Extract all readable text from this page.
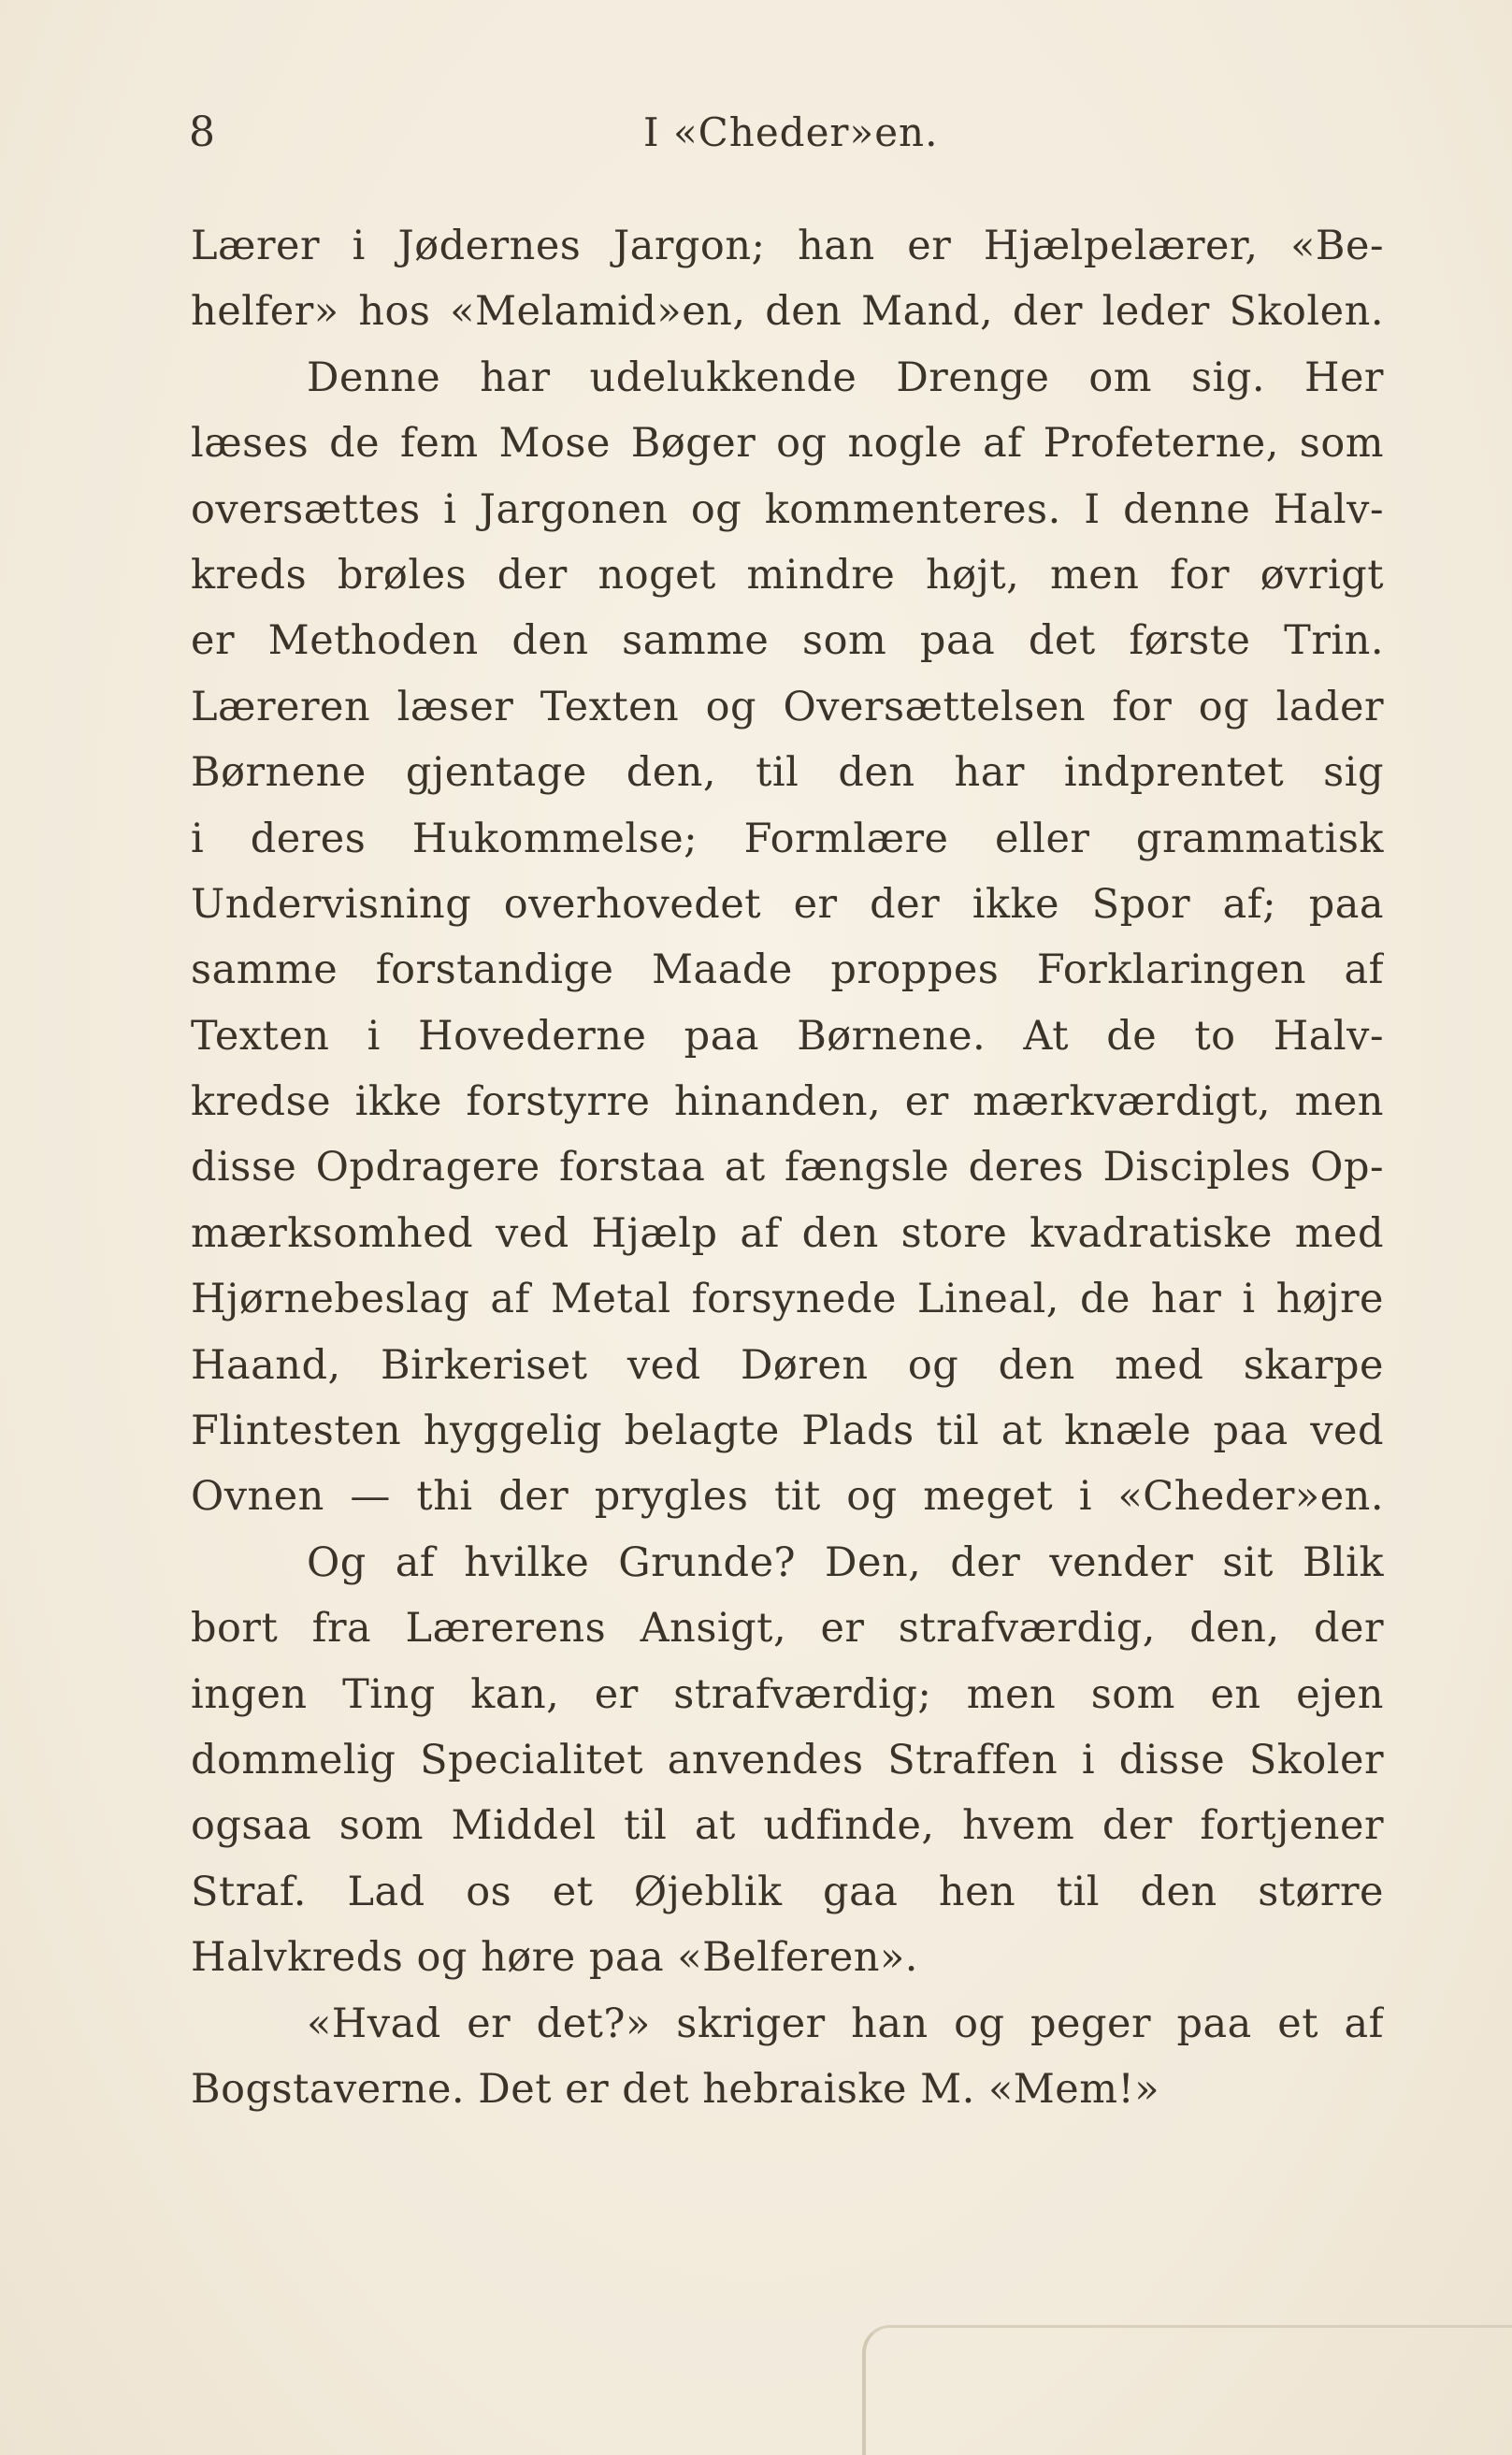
8	I «Cheder»en.
Lærer i Jødernes Jargon; han er Hjælpelærer, «Be-
helfer» hos «Melamid»en, den Mand, der leder Skolen.
Denne har udelukkende Drenge om sig. Her
læses de fem Mose Bøger og nogle af Profeterne, som
oversættes i Jargonen og kommenteres. I denne Halv-
kreds brøles der noget mindre højt, men for øvrigt
er Methoden den samme som paa det første Trin.
Læreren læser Texten og Oversættelsen for og lader
Børnene gjentage den, til den har indprentet sig
i deres Hukommelse; Formlære eller grammatisk
Undervisning overhovedet er der ikke Spor af; paa
samme forstandige Maade proppes Forklaringen af
Texten i Hovederne paa Børnene. At de to Halv-
kredse ikke forstyrre hinanden, er mærkværdigt, men
disse Opdragere forstaa at fængsle deres Disciples Op-
mærksomhed ved Hjælp af den store kvadratiske med
Hjørnebeslag af Metal forsynede Lineal, de har i højre
Haand, Birkeriset ved Døren og den med skarpe
Flintesten hyggelig belagte Plads til at knæle paa ved
Ovnen — thi der prygles tit og meget i «Cheder»en.
Og af hvilke Grunde? Den, der vender sit Blik
bort fra Lærerens Ansigt, er strafværdig, den, der
ingen Ting kan, er strafværdig; men som en ejen
dommelig Specialitet anvendes Straffen i disse Skoler
ogsaa som Middel til at udfinde, hvem der fortjener
Straf. Lad os et Øjeblik gaa hen til den større
Halvkreds og høre paa «Belferen».
«Hvad er det?» skriger han og peger paa et af
Bogstaverne. Det er det hebraiske M. «Mem!»
